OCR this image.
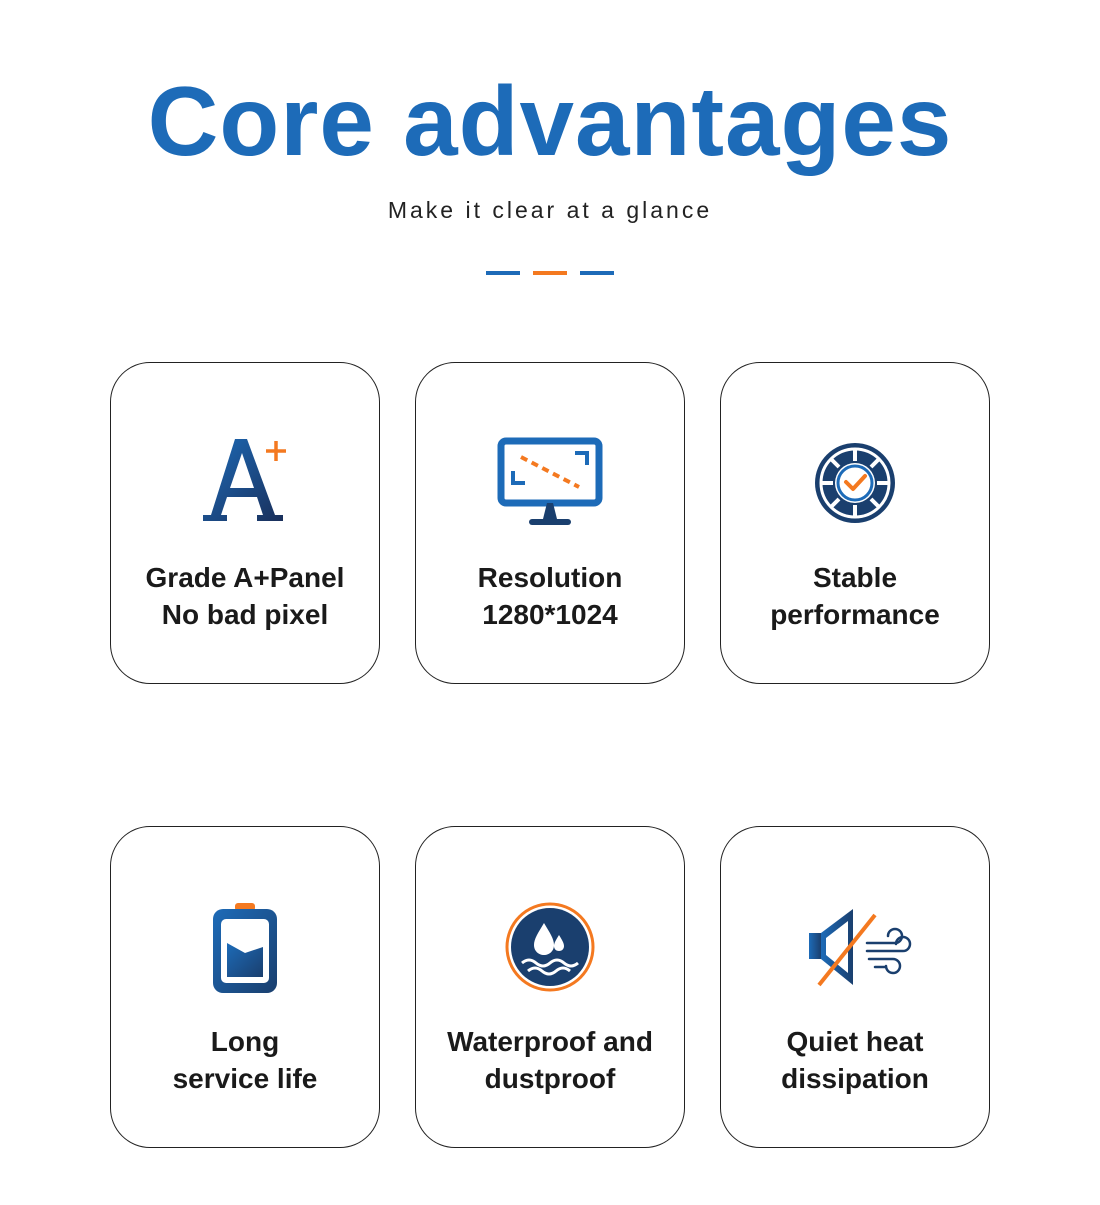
Core advantages
Make it clear at a glance
Grade A+Panel
No bad pixel
Resolution
1280*1024
Stable
performance
Long
service life
Waterproof and
dustproof
Quiet heat
dissipation
